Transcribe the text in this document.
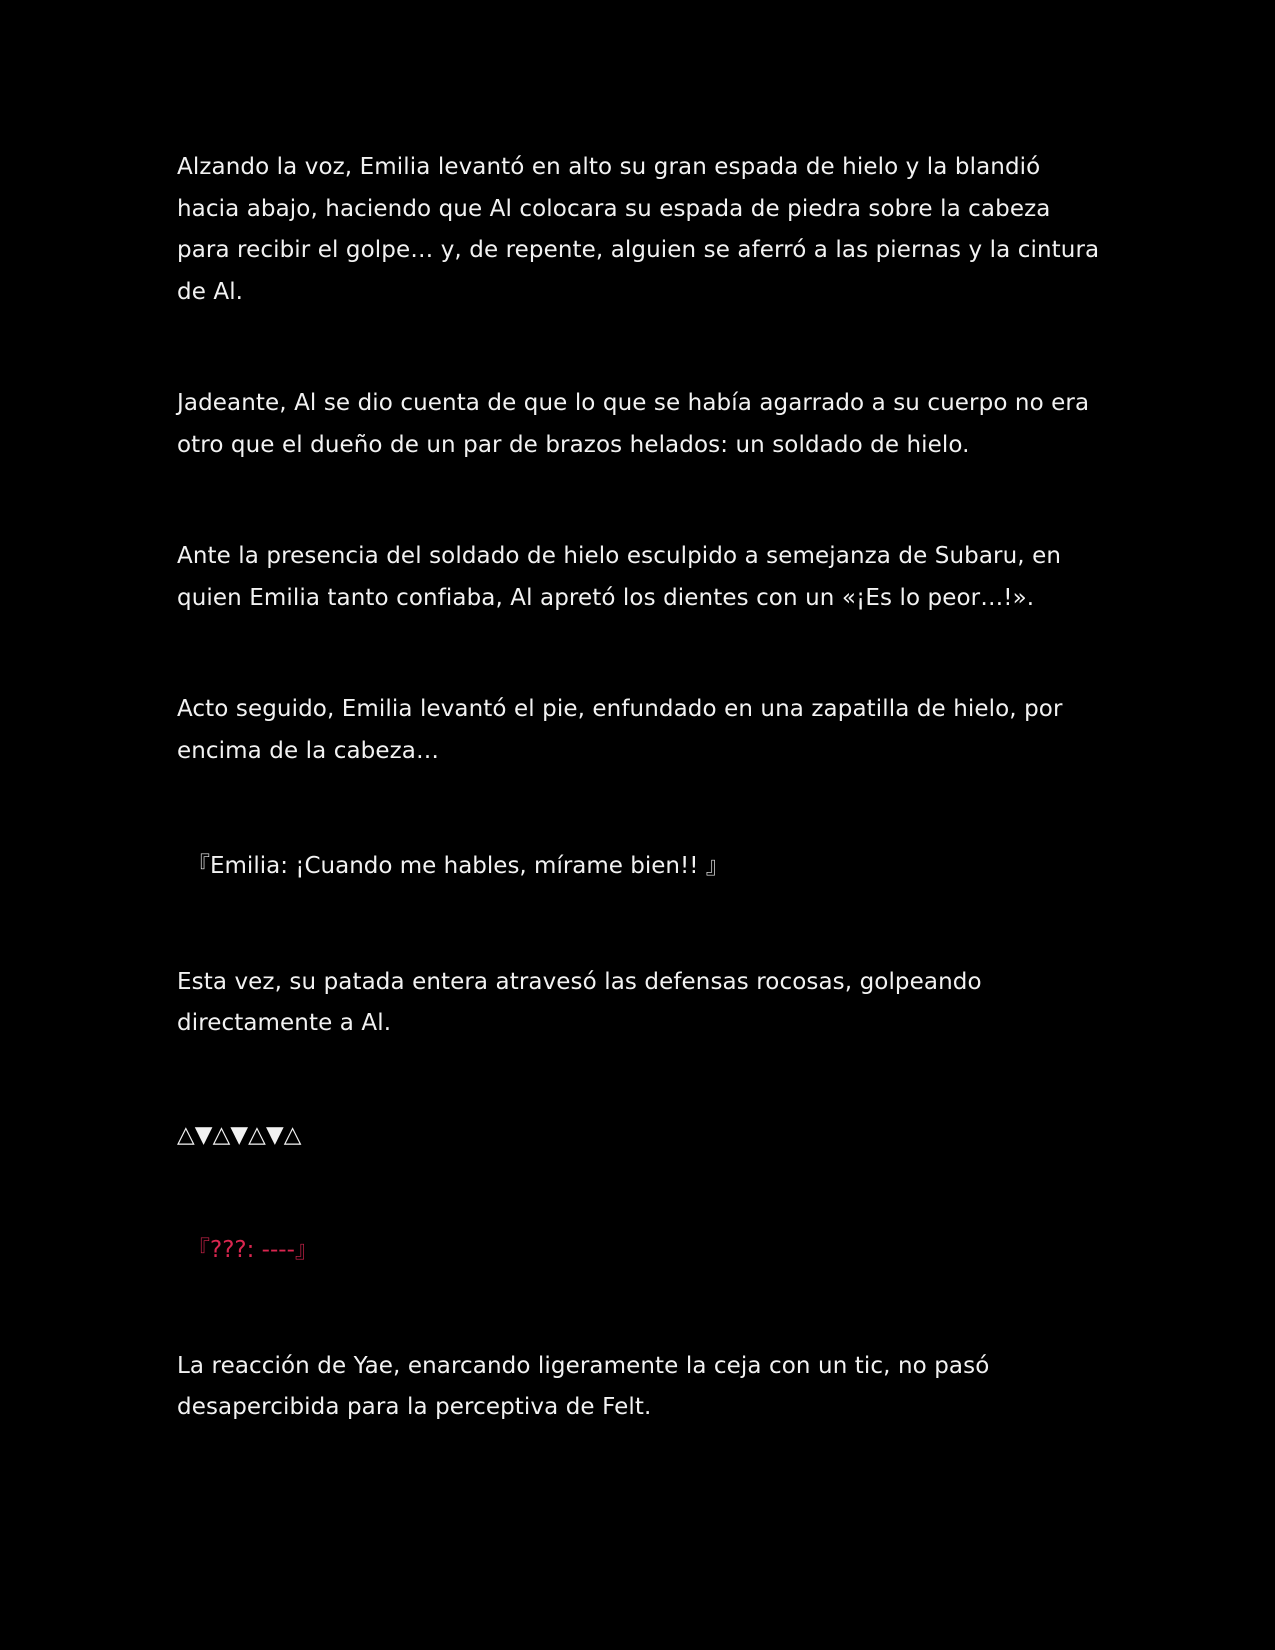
Alzando la voz, Emilia levantó en alto su gran espada de hielo y la blandió hacia abajo, haciendo que Al colocara su espada de piedra sobre la cabeza para recibir el golpe… y, de repente, alguien se aferró a las piernas y la cintura de Al.

Jadeante, Al se dio cuenta de que lo que se había agarrado a su cuerpo no era otro que el dueño de un par de brazos helados: un soldado de hielo.

Ante la presencia del soldado de hielo esculpido a semejanza de Subaru, en quien Emilia tanto confiaba, Al apretó los dientes con un «¡Es lo peor…!».

Acto seguido, Emilia levantó el pie, enfundado en una zapatilla de hielo, por encima de la cabeza…

『Emilia: ¡Cuando me hables, mírame bien!! 』

Esta vez, su patada entera atravesó las defensas rocosas, golpeando directamente a Al.

△▼△▼△▼△

『???: ----』

La reacción de Yae, enarcando ligeramente la ceja con un tic, no pasó desapercibida para la perceptiva de Felt.
